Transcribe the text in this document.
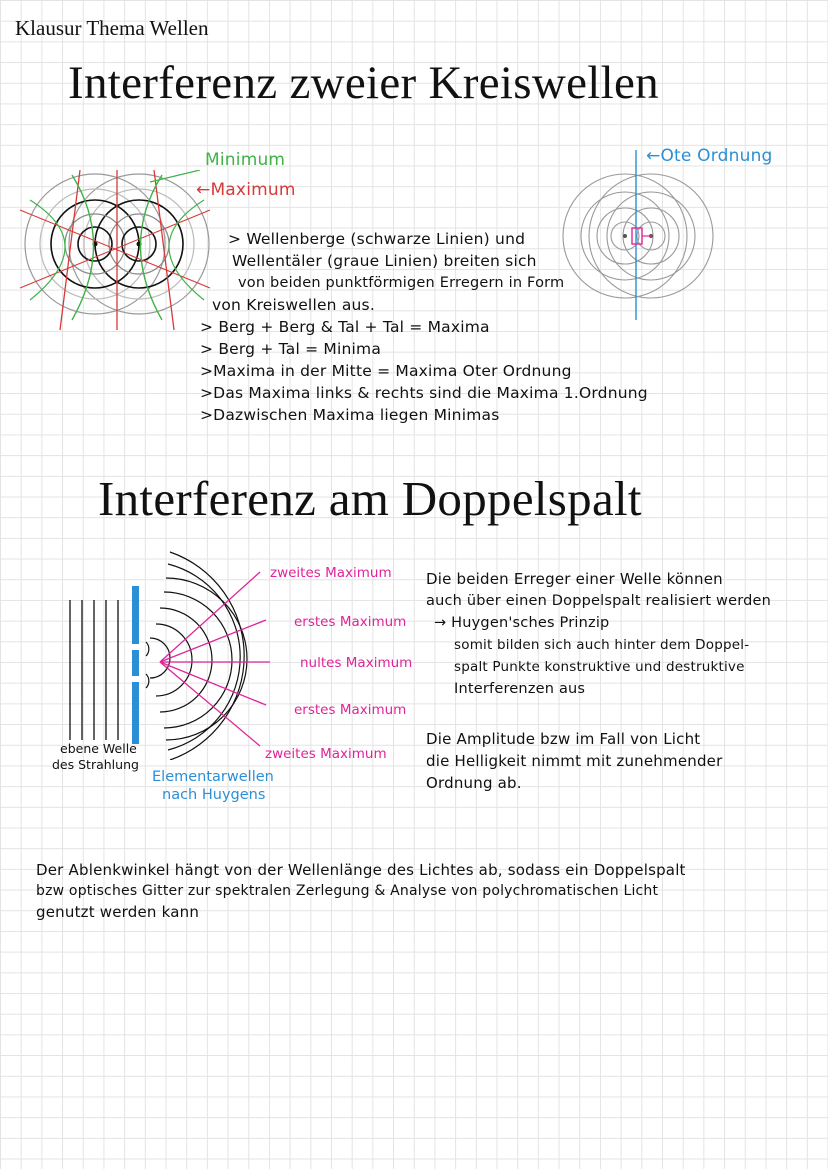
Klausur Thema Wellen
Interferenz zweier Kreiswellen
Minimum
←Maximum
←Ote Ordnung
> Wellenberge (schwarze Linien) und
Wellentäler (graue Linien) breiten sich
von beiden punktförmigen Erregern in Form
von Kreiswellen aus.
> Berg + Berg & Tal + Tal = Maxima
> Berg + Tal = Minima
>Maxima in der Mitte = Maxima Oter Ordnung
>Das Maxima links & rechts sind die Maxima 1.Ordnung
>Dazwischen Maxima liegen Minimas
Interferenz am Doppelspalt
zweites Maximum
erstes Maximum
nultes Maximum
erstes Maximum
zweites Maximum
ebene Welle
des Strahlung
Elementarwellen
nach Huygens
Die beiden Erreger einer Welle können
auch über einen Doppelspalt realisiert werden
→ Huygen'sches Prinzip
somit bilden sich auch hinter dem Doppel-
spalt Punkte konstruktive und destruktive
Interferenzen aus
Die Amplitude bzw im Fall von Licht
die Helligkeit nimmt mit zunehmender
Ordnung ab.
Der Ablenkwinkel hängt von der Wellenlänge des Lichtes ab, sodass ein Doppelspalt
bzw optisches Gitter zur spektralen Zerlegung & Analyse von polychromatischen Licht
genutzt werden kann
